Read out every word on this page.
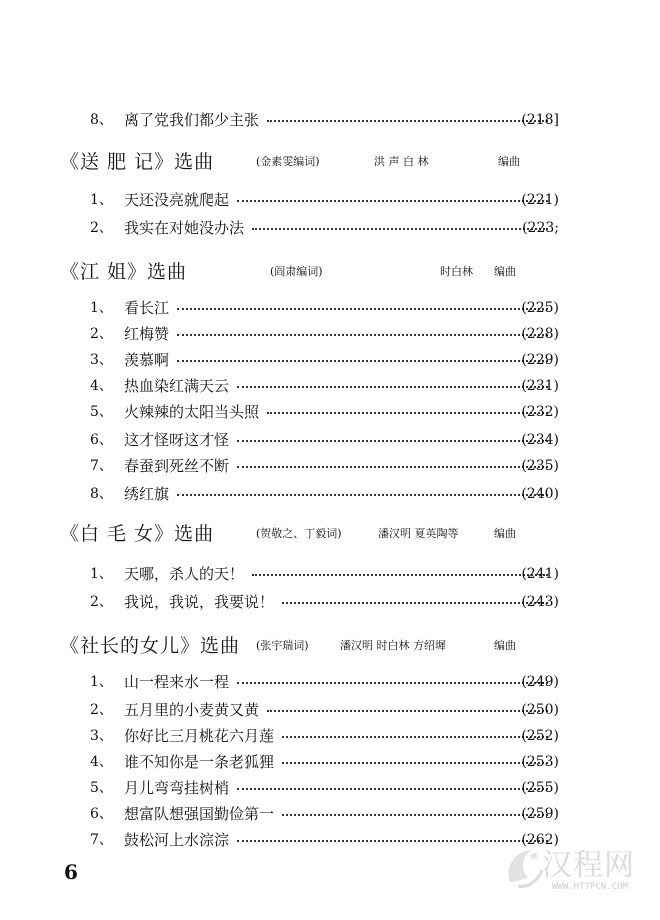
8、 离了党我们都少主张	(218]
《送 肥 记》选曲	(金素雯编词)	洪 声 白 林	编曲
1、 天还没亮就爬起	(221)
2、 我实在对她没办法	(223;
《江 姐》选曲	(阎肃编词)	时白林 编曲
1、 看长江	(225)
2、 红梅赞	(228)
3、 羡慕啊	(229)
4、 热血染红满天云	(231)
5、 火辣辣的太阳当头照	(232)
6、 这才怪呀这才怪	(234)
7、 春蚕到死丝不断	(235)
8、 绣红旗	(240)
《白 毛 女》选曲	(贺敬之、丁毅词)	潘汉明 夏英陶等	编曲
1、 天哪，杀人的天！	(241)
2、 我说，我说，我要说！	(243)
《社长的女儿》选曲 (张宇瑞词)	潘汉明 时白林 方绍墀	编曲
1、 山一程来水一程	(249)
2、 五月里的小麦黄又黄	(250)
3、 你好比三月桃花六月莲	(252)
4、 谁不知你是一条老狐狸	(253)
5、 月儿弯弯挂树梢	(255)
6、 想富队想强国勤俭第一	(259)
7、 鼓松河上水淙淙	(262)
6	汉程网
WWW.HTTPCN.COM
